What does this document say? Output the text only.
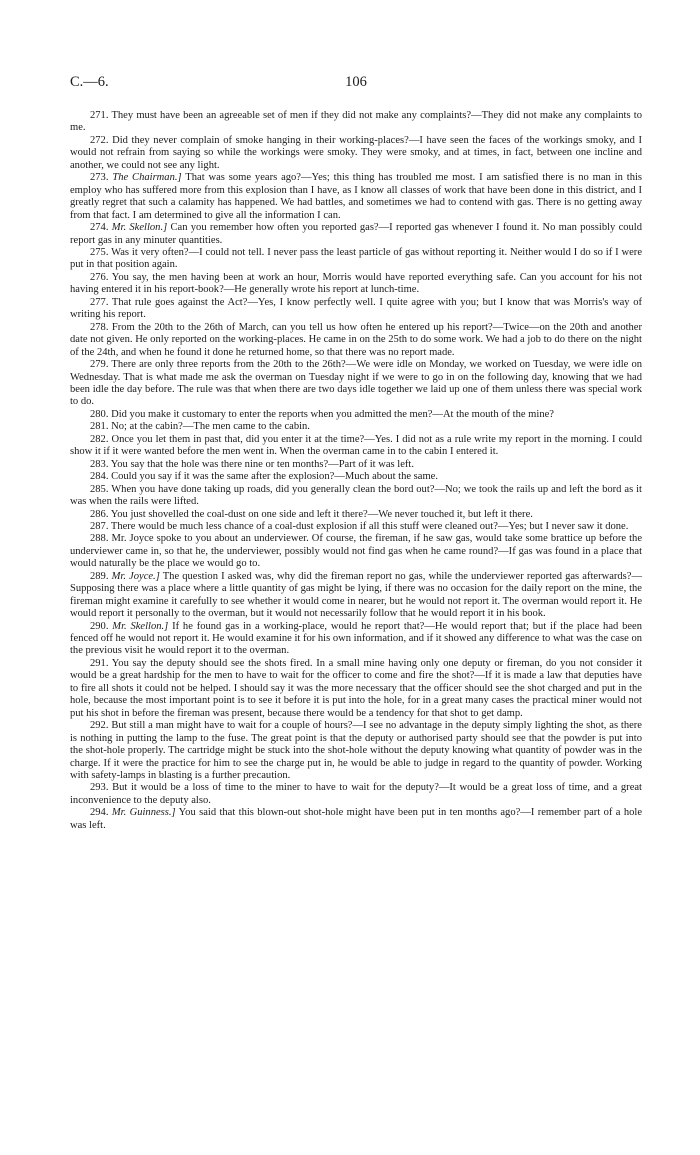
C.—6.	106

271. They must have been an agreeable set of men if they did not make any complaints?—They did not make any complaints to me.

272. Did they never complain of smoke hanging in their working-places?—I have seen the faces of the workings smoky, and I would not refrain from saying so while the workings were smoky. They were smoky, and at times, in fact, between one incline and another, we could not see any light.

273. The Chairman.] That was some years ago?—Yes; this thing has troubled me most. I am satisfied there is no man in this employ who has suffered more from this explosion than I have, as I know all classes of work that have been done in this district, and I greatly regret that such a calamity has happened. We had battles, and sometimes we had to contend with gas. There is no getting away from that fact. I am determined to give all the information I can.

274. Mr. Skellon.] Can you remember how often you reported gas?—I reported gas whenever I found it. No man possibly could report gas in any minuter quantities.

275. Was it very often?—I could not tell. I never pass the least particle of gas without reporting it. Neither would I do so if I were put in that position again.

276. You say, the men having been at work an hour, Morris would have reported everything safe. Can you account for his not having entered it in his report-book?—He generally wrote his report at lunch-time.

277. That rule goes against the Act?—Yes, I know perfectly well. I quite agree with you; but I know that was Morris's way of writing his report.

278. From the 20th to the 26th of March, can you tell us how often he entered up his report?—Twice—on the 20th and another date not given. He only reported on the working-places. He came in on the 25th to do some work. We had a job to do there on the night of the 24th, and when he found it done he returned home, so that there was no report made.

279. There are only three reports from the 20th to the 26th?—We were idle on Monday, we worked on Tuesday, we were idle on Wednesday. That is what made me ask the overman on Tuesday night if we were to go in on the following day, knowing that we had been idle the day before. The rule was that when there are two days idle together we laid up one of them unless there was special work to do.

280. Did you make it customary to enter the reports when you admitted the men?—At the mouth of the mine?

281. No; at the cabin?—The men came to the cabin.

282. Once you let them in past that, did you enter it at the time?—Yes. I did not as a rule write my report in the morning. I could show it if it were wanted before the men went in. When the overman came in to the cabin I entered it.

283. You say that the hole was there nine or ten months?—Part of it was left.

284. Could you say if it was the same after the explosion?—Much about the same.

285. When you have done taking up roads, did you generally clean the bord out?—No; we took the rails up and left the bord as it was when the rails were lifted.

286. You just shovelled the coal-dust on one side and left it there?—We never touched it, but left it there.

287. There would be much less chance of a coal-dust explosion if all this stuff were cleaned out?—Yes; but I never saw it done.

288. Mr. Joyce spoke to you about an underviewer. Of course, the fireman, if he saw gas, would take some brattice up before the underviewer came in, so that he, the underviewer, possibly would not find gas when he came round?—If gas was found in a place that would naturally be the place we would go to.

289. Mr. Joyce.] The question I asked was, why did the fireman report no gas, while the underviewer reported gas afterwards?—Supposing there was a place where a little quantity of gas might be lying, if there was no occasion for the daily report on the mine, the fireman might examine it carefully to see whether it would come in nearer, but he would not report it. The overman would report it. He would report it personally to the overman, but it would not necessarily follow that he would report it in his book.

290. Mr. Skellon.] If he found gas in a working-place, would he report that?—He would report that; but if the place had been fenced off he would not report it. He would examine it for his own information, and if it showed any difference to what was the case on the previous visit he would report it to the overman.

291. You say the deputy should see the shots fired. In a small mine having only one deputy or fireman, do you not consider it would be a great hardship for the men to have to wait for the officer to come and fire the shot?—If it is made a law that deputies have to fire all shots it could not be helped. I should say it was the more necessary that the officer should see the shot charged and put in the hole, because the most important point is to see it before it is put into the hole, for in a great many cases the practical miner would not put his shot in before the fireman was present, because there would be a tendency for that shot to get damp.

292. But still a man might have to wait for a couple of hours?—I see no advantage in the deputy simply lighting the shot, as there is nothing in putting the lamp to the fuse. The great point is that the deputy or authorised party should see that the powder is put into the shot-hole properly. The cartridge might be stuck into the shot-hole without the deputy knowing what quantity of powder was in the charge. If it were the practice for him to see the charge put in, he would be able to judge in regard to the quantity of powder. Working with safety-lamps in blasting is a further precaution.

293. But it would be a loss of time to the miner to have to wait for the deputy?—It would be a great loss of time, and a great inconvenience to the deputy also.

294. Mr. Guinness.] You said that this blown-out shot-hole might have been put in ten months ago?—I remember part of a hole was left.
